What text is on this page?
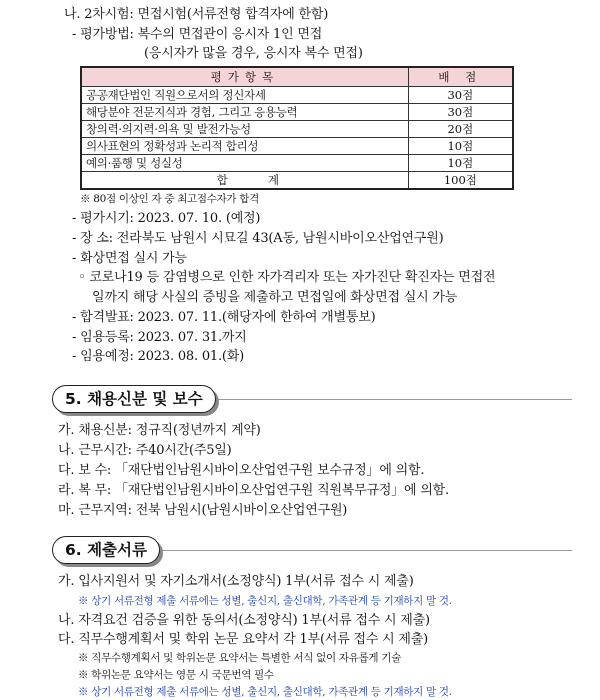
나. 2차시험: 면접시험(서류전형 합격자에 한함)
- 평가방법: 복수의 면접관이 응시자 1인 면접
(응시자가 많을 경우, 응시자 복수 면접)
평가항목	배 점
공공재단법인 직원으로서의 정신자세	30점
해당분야 전문지식과 경험, 그리고 응용능력	30점
창의력·의지력·의욕 및 발전가능성	20점
의사표현의 정확성과 논리적 합리성	10점
예의·품행 및 성실성	10점
합계	100점
※ 80점 이상인 자 중 최고점수자가 합격
- 평가시기: 2023. 07. 10. (예정)
- 장 소: 전라북도 남원시 시묘길 43(A동, 남원시바이오산업연구원)
- 화상면접 실시 가능
◦ 코로나19 등 감염병으로 인한 자가격리자 또는 자가진단 확진자는 면접전
일까지 해당 사실의 증빙을 제출하고 면접일에 화상면접 실시 가능
- 합격발표: 2023. 07. 11.(해당자에 한하여 개별통보)
- 임용등록: 2023. 07. 31.까지
- 임용예정: 2023. 08. 01.(화)
5. 채용신분 및 보수
가. 채용신분: 정규직(정년까지 계약)
나. 근무시간: 주40시간(주5일)
다. 보 수: 「재단법인남원시바이오산업연구원 보수규정」에 의함.
라. 복 무: 「재단법인남원시바이오산업연구원 직원복무규정」에 의함.
마. 근무지역: 전북 남원시(남원시바이오산업연구원)
6. 제출서류
가. 입사지원서 및 자기소개서(소정양식) 1부(서류 접수 시 제출)
※ 상기 서류전형 제출 서류에는 성별, 출신지, 출신대학, 가족관계 등 기재하지 말 것.
나. 자격요건 검증을 위한 동의서(소정양식) 1부(서류 접수 시 제출)
다. 직무수행계획서 및 학위 논문 요약서 각 1부(서류 접수 시 제출)
※ 직무수행계획서 및 학위논문 요약서는 특별한 서식 없이 자유롭게 기술
※ 학위논문 요약서는 영문 시 국문번역 필수
※ 상기 서류전형 제출 서류에는 성별, 출신지, 출신대학, 가족관계 등 기재하지 말 것.
